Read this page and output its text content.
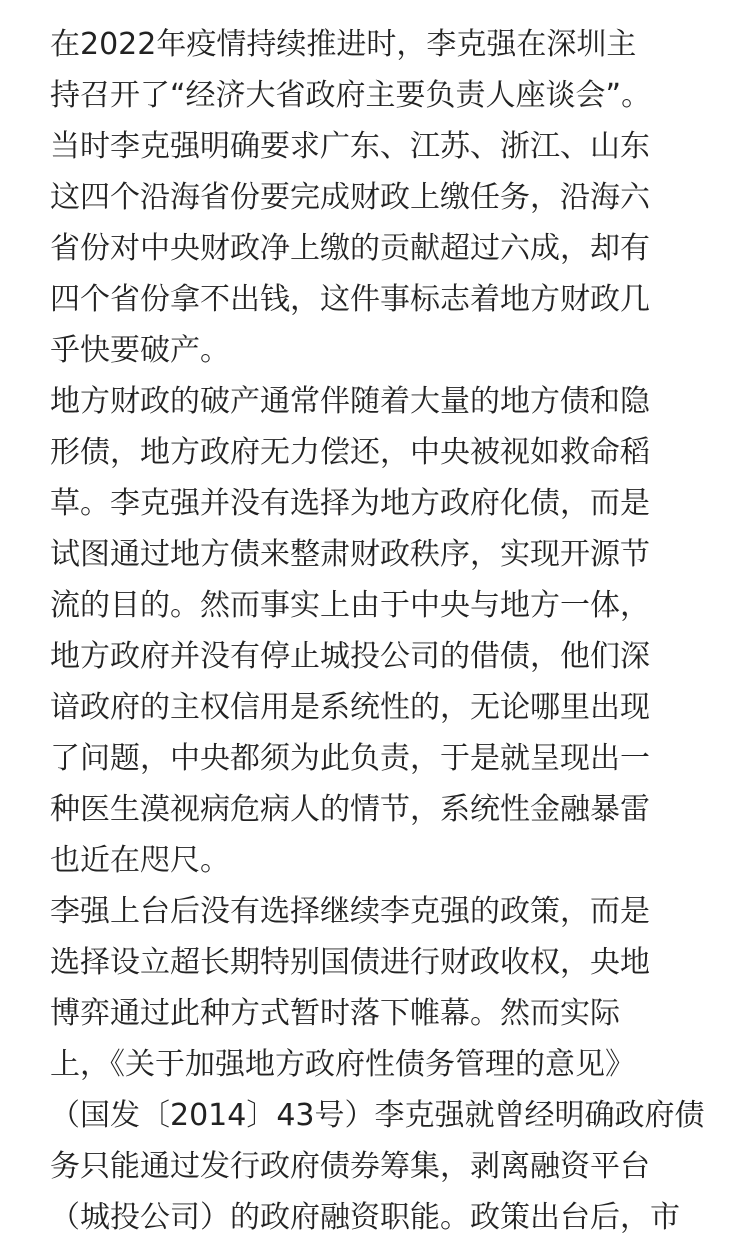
在2022年疫情持续推进时，李克强在深圳主
持召开了“经济大省政府主要负责人座谈会”。
当时李克强明确要求广东、江苏、浙江、山东
这四个沿海省份要完成财政上缴任务，沿海六
省份对中央财政净上缴的贡献超过六成，却有
四个省份拿不出钱，这件事标志着地方财政几
乎快要破产。
地方财政的破产通常伴随着大量的地方债和隐
形债，地方政府无力偿还，中央被视如救命稻
草。李克强并没有选择为地方政府化债，而是
试图通过地方债来整肃财政秩序，实现开源节
流的目的。然而事实上由于中央与地方一体，
地方政府并没有停止城投公司的借债，他们深
谙政府的主权信用是系统性的，无论哪里出现
了问题，中央都须为此负责，于是就呈现出一
种医生漠视病危病人的情节，系统性金融暴雷
也近在咫尺。
李强上台后没有选择继续李克强的政策，而是
选择设立超长期特别国债进行财政收权，央地
博弈通过此种方式暂时落下帷幕。然而实际
上，《关于加强地方政府性债务管理的意见》
（国发〔2014〕43号）李克强就曾经明确政府债
务只能通过发行政府债券筹集，剥离融资平台
（城投公司）的政府融资职能。政策出台后，市
